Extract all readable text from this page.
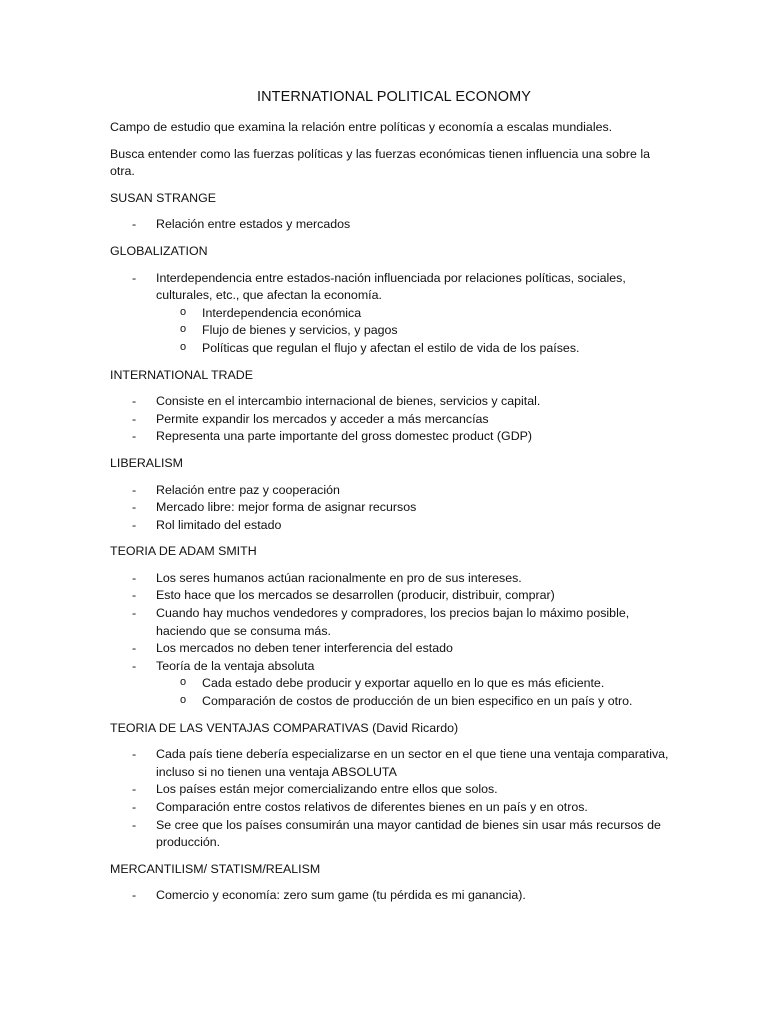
INTERNATIONAL POLITICAL ECONOMY

Campo de estudio que examina la relación entre políticas y economía a escalas mundiales.

Busca entender como las fuerzas políticas y las fuerzas económicas tienen influencia una sobre la otra.

SUSAN STRANGE

- Relación entre estados y mercados

GLOBALIZATION

- Interdependencia entre estados-nación influenciada por relaciones políticas, sociales, culturales, etc., que afectan la economía.
o Interdependencia económica
o Flujo de bienes y servicios, y pagos
o Políticas que regulan el flujo y afectan el estilo de vida de los países.

INTERNATIONAL TRADE

- Consiste en el intercambio internacional de bienes, servicios y capital.
- Permite expandir los mercados y acceder a más mercancías
- Representa una parte importante del gross domestec product (GDP)

LIBERALISM

- Relación entre paz y cooperación
- Mercado libre: mejor forma de asignar recursos
- Rol limitado del estado

TEORIA DE ADAM SMITH

- Los seres humanos actúan racionalmente en pro de sus intereses.
- Esto hace que los mercados se desarrollen (producir, distribuir, comprar)
- Cuando hay muchos vendedores y compradores, los precios bajan lo máximo posible, haciendo que se consuma más.
- Los mercados no deben tener interferencia del estado
- Teoría de la ventaja absoluta
o Cada estado debe producir y exportar aquello en lo que es más eficiente.
o Comparación de costos de producción de un bien especifico en un país y otro.

TEORIA DE LAS VENTAJAS COMPARATIVAS (David Ricardo)

- Cada país tiene debería especializarse en un sector en el que tiene una ventaja comparativa, incluso si no tienen una ventaja ABSOLUTA
- Los países están mejor comercializando entre ellos que solos.
- Comparación entre costos relativos de diferentes bienes en un país y en otros.
- Se cree que los países consumirán una mayor cantidad de bienes sin usar más recursos de producción.

MERCANTILISM/ STATISM/REALISM

- Comercio y economía: zero sum game (tu pérdida es mi ganancia).
